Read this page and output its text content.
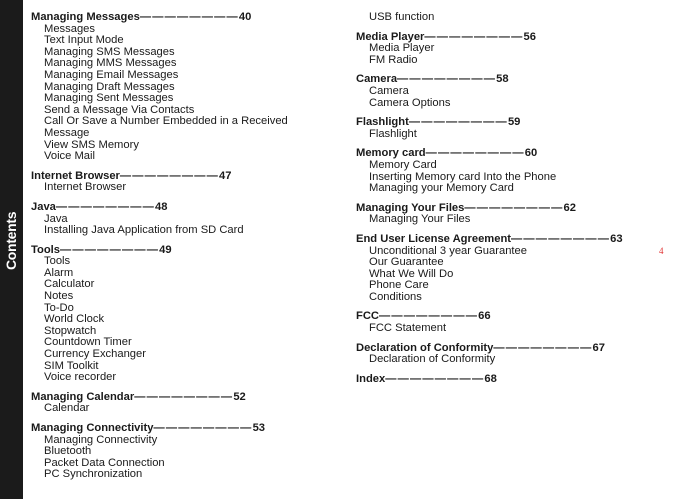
Contents
Managing Messages————————40
Messages
Text Input Mode
Managing SMS Messages
Managing MMS Messages
Managing Email Messages
Managing Draft Messages
Managing Sent Messages
Send a Message Via Contacts
Call Or Save a Number Embedded in a Received Message
View SMS Memory
Voice Mail
Internet Browser————————47
Internet Browser
Java————————48
Java
Installing Java Application from SD Card
Tools————————49
Tools
Alarm
Calculator
Notes
To-Do
World Clock
Stopwatch
Countdown Timer
Currency Exchanger
SIM Toolkit
Voice recorder
Managing Calendar————————52
Calendar
Managing Connectivity————————53
Managing Connectivity
Bluetooth
Packet Data Connection
PC Synchronization
USB function
Media Player————————56
Media Player
FM Radio
Camera————————58
Camera
Camera Options
Flashlight————————59
Flashlight
Memory card————————60
Memory Card
Inserting Memory card Into the Phone
Managing your Memory Card
Managing Your Files————————62
Managing Your Files
End User License Agreement————————63
Unconditional 3 year Guarantee
Our Guarantee
What We Will Do
Phone Care
Conditions
FCC————————66
FCC Statement
Declaration of Conformity————————67
Declaration of Conformity
Index————————68
4
